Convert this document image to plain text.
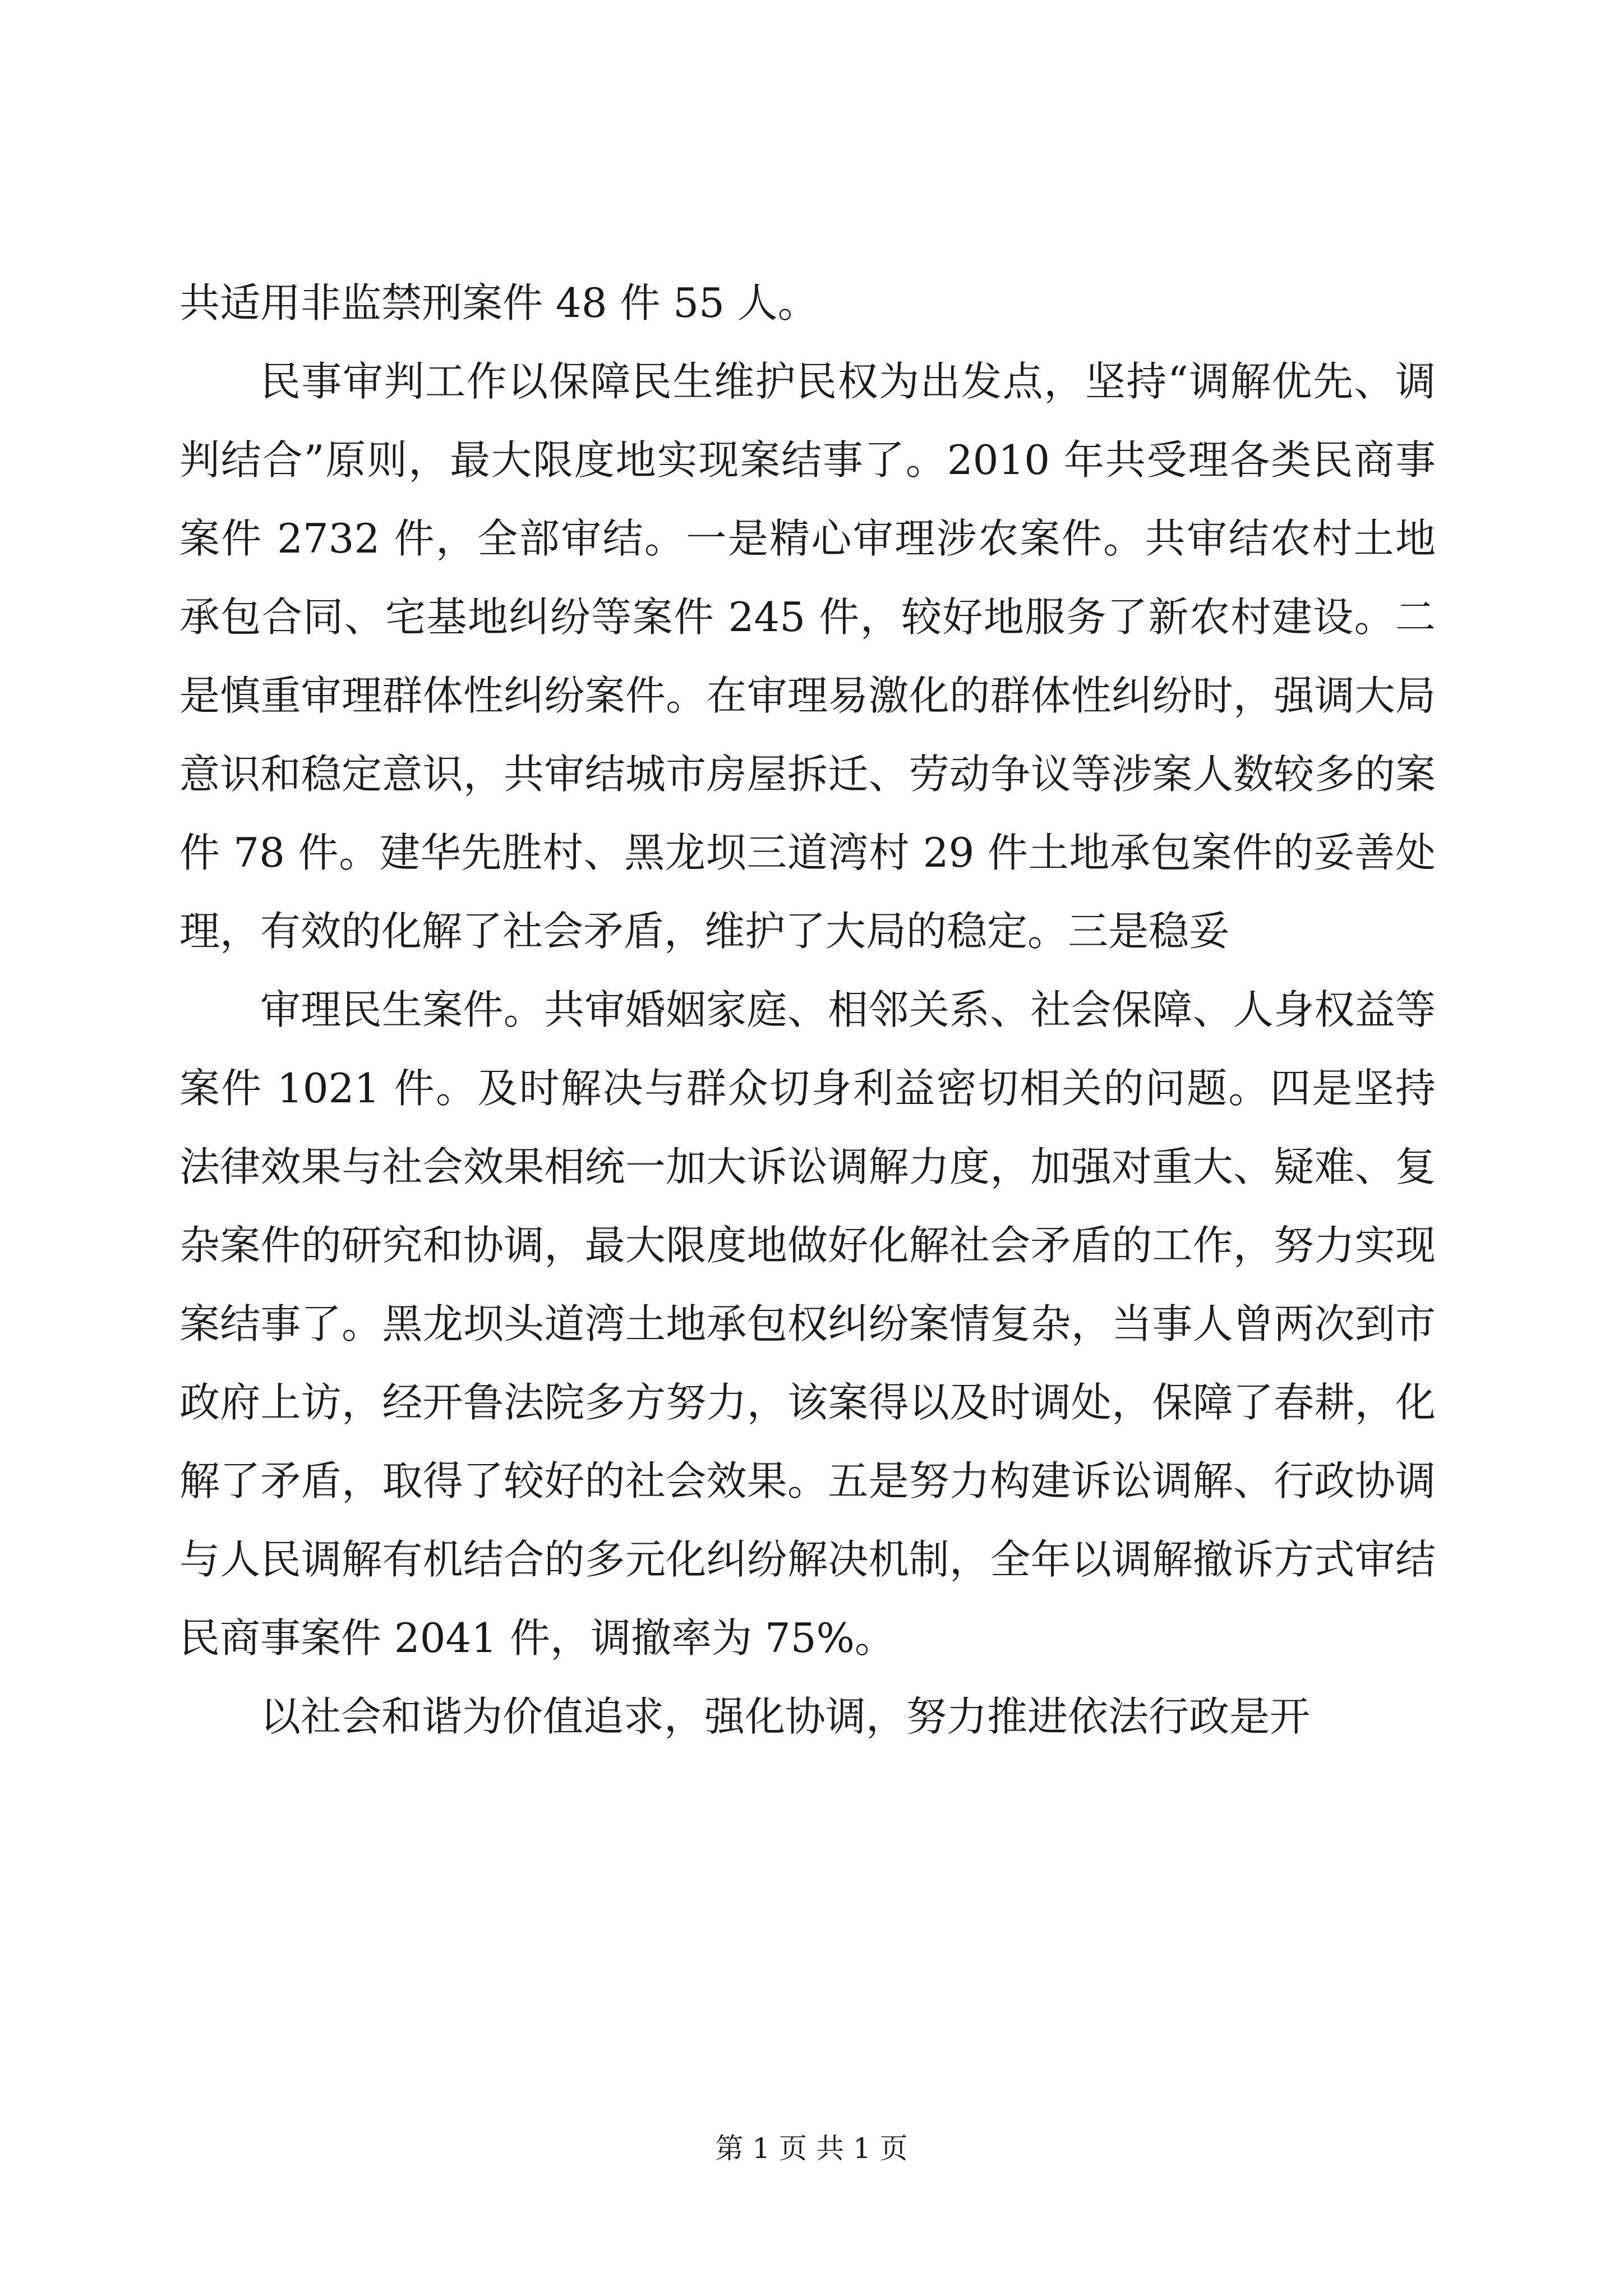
共适用非监禁刑案件 48 件 55 人。

民事审判工作以保障民生维护民权为出发点，坚持“调解优先、调判结合”原则，最大限度地实现案结事了。2010 年共受理各类民商事案件 2732 件，全部审结。一是精心审理涉农案件。共审结农村土地承包合同、宅基地纠纷等案件 245 件，较好地服务了新农村建设。二是慎重审理群体性纠纷案件。在审理易激化的群体性纠纷时，强调大局意识和稳定意识，共审结城市房屋拆迁、劳动争议等涉案人数较多的案件 78 件。建华先胜村、黑龙坝三道湾村 29 件土地承包案件的妥善处理，有效的化解了社会矛盾，维护了大局的稳定。三是稳妥

审理民生案件。共审婚姻家庭、相邻关系、社会保障、人身权益等案件 1021 件。及时解决与群众切身利益密切相关的问题。四是坚持法律效果与社会效果相统一加大诉讼调解力度，加强对重大、疑难、复杂案件的研究和协调，最大限度地做好化解社会矛盾的工作，努力实现案结事了。黑龙坝头道湾土地承包权纠纷案情复杂，当事人曾两次到市政府上访，经开鲁法院多方努力，该案得以及时调处，保障了春耕，化解了矛盾，取得了较好的社会效果。五是努力构建诉讼调解、行政协调与人民调解有机结合的多元化纠纷解决机制，全年以调解撤诉方式审结民商事案件 2041 件，调撤率为 75%。

以社会和谐为价值追求，强化协调，努力推进依法行政是开

第 1 页 共 1 页
